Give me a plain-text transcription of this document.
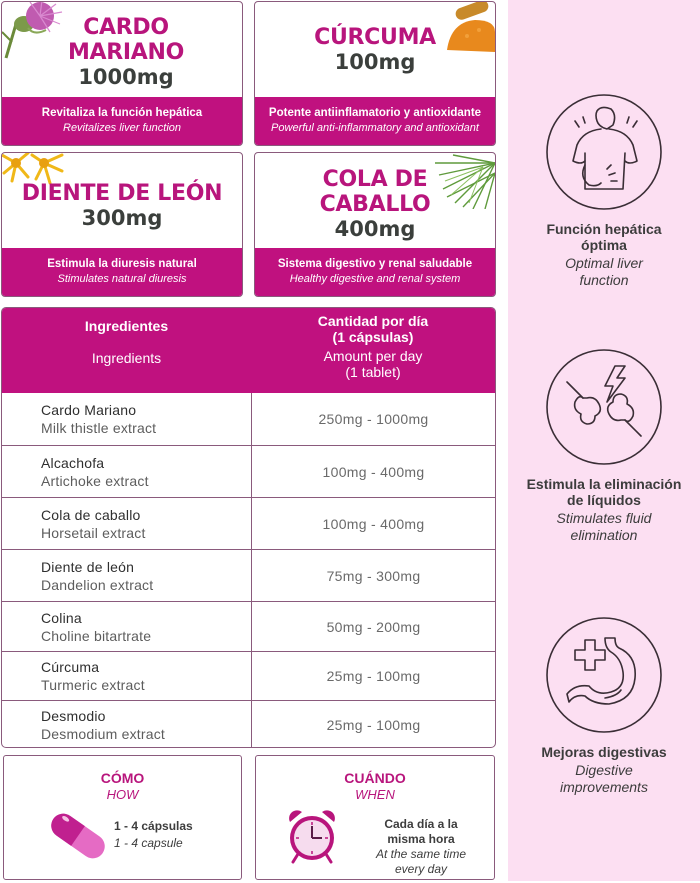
CARDO
MARIANO
1000mg
Revitaliza la función hepática
Revitalizes liver function
CÚRCUMA
100mg
Potente antiinflamatorio y antioxidante
Powerful anti-inflammatory and antioxidant
DIENTE DE LEÓN
300mg
Estimula la diuresis natural
Stimulates natural diuresis
COLA DE
CABALLO
400mg
Sistema digestivo y renal saludable
Healthy digestive and renal system
Ingredientes
Ingredients
Cantidad por día
(1 cápsulas)
Amount per day
(1 tablet)
Cardo Mariano
Milk thistle extract
250mg - 1000mg
Alcachofa
Artichoke extract
100mg - 400mg
Cola de caballo
Horsetail extract
100mg - 400mg
Diente de león
Dandelion extract
75mg - 300mg
Colina
Choline bitartrate
50mg - 200mg
Cúrcuma
Turmeric extract
25mg - 100mg
Desmodio
Desmodium extract
25mg - 100mg
CÓMO
HOW
1 - 4 cápsulas
1 - 4 capsule
CUÁNDO
WHEN
Cada día a la
misma hora
At the same time
every day
Función hepática
óptima
Optimal liver
function
Estimula la eliminación
de líquidos
Stimulates fluid
elimination
Mejoras digestivas
Digestive
improvements
